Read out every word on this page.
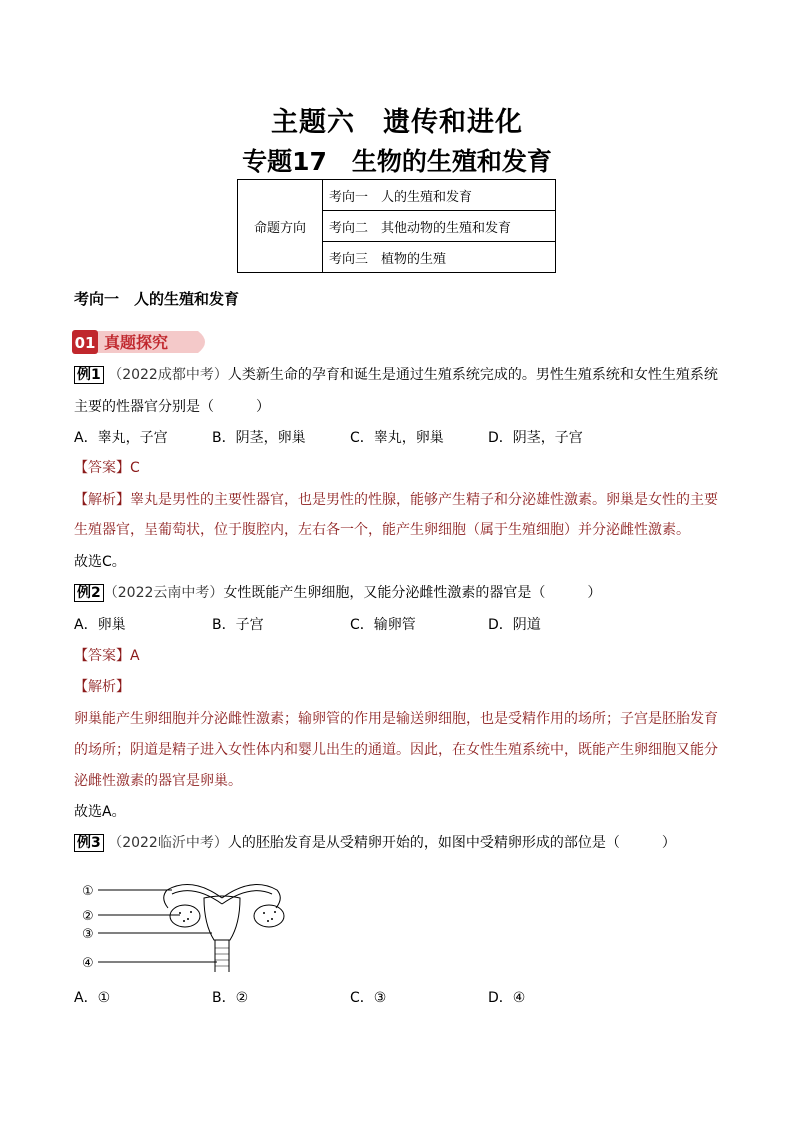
主题六　遗传和进化
专题17　生物的生殖和发育
命题方向	考向一　人的生殖和发育
考向二　其他动物的生殖和发育
考向三　植物的生殖
考向一　人的生殖和发育
01 真题探究
例1 （2022成都中考）人类新生命的孕育和诞生是通过生殖系统完成的。男性生殖系统和女性生殖系统
主要的性器官分别是（　　　）
A．睾丸，子宫	B．阴茎，卵巢	C．睾丸，卵巢	D．阴茎，子宫
【答案】C
【解析】睾丸是男性的主要性器官，也是男性的性腺，能够产生精子和分泌雄性激素。卵巢是女性的主要
生殖器官，呈葡萄状，位于腹腔内，左右各一个，能产生卵细胞（属于生殖细胞）并分泌雌性激素。
故选C。
例2 （2022云南中考）女性既能产生卵细胞，又能分泌雌性激素的器官是（　　　）
A．卵巢	B．子宫	C．输卵管	D．阴道
【答案】A
【解析】
卵巢能产生卵细胞并分泌雌性激素；输卵管的作用是输送卵细胞，也是受精作用的场所；子宫是胚胎发育
的场所；阴道是精子进入女性体内和婴儿出生的通道。因此，在女性生殖系统中，既能产生卵细胞又能分
泌雌性激素的器官是卵巢。
故选A。
例3 （2022临沂中考）人的胚胎发育是从受精卵开始的，如图中受精卵形成的部位是（　　　）
①
②
③
④
A．①	B．②	C．③	D．④
